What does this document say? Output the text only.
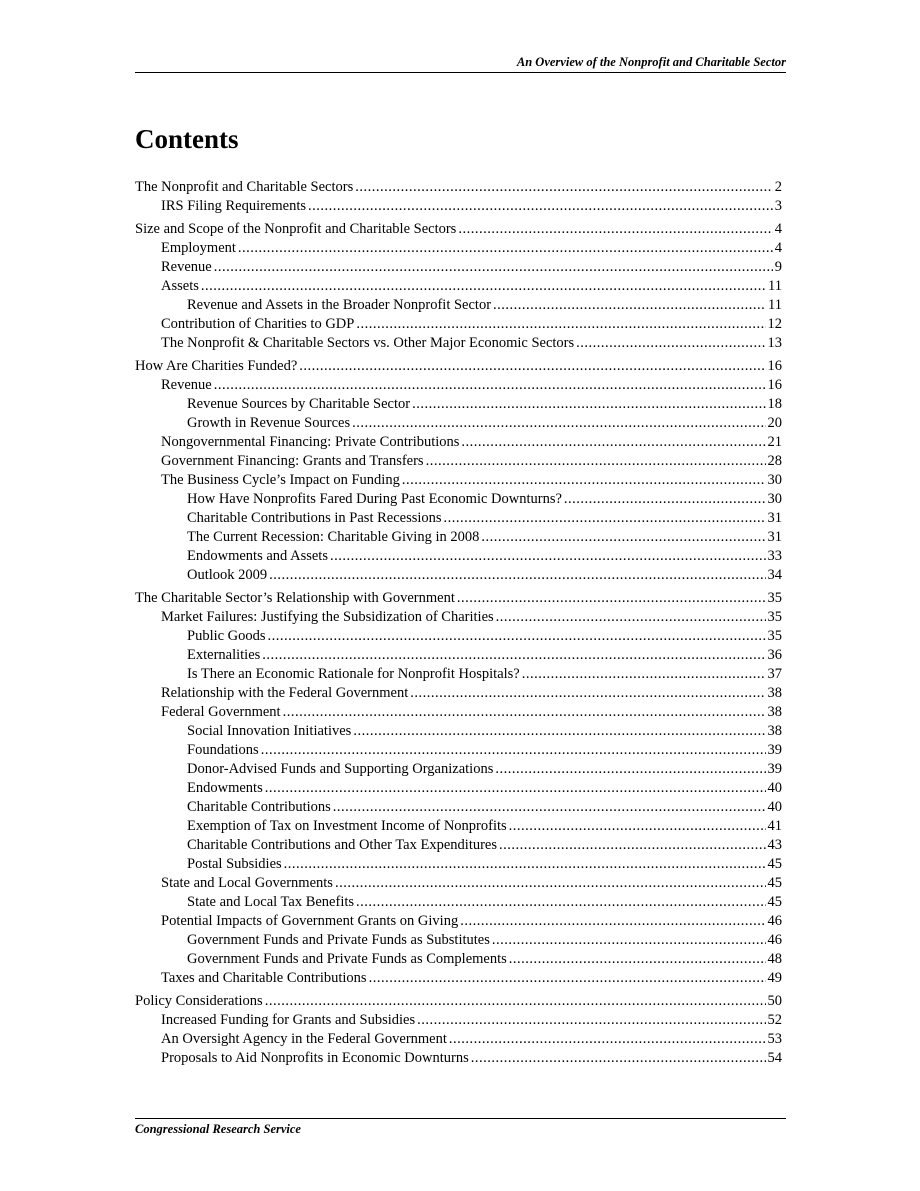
An Overview of the Nonprofit and Charitable Sector
Contents
The Nonprofit and Charitable Sectors .....	2
IRS Filing Requirements .....	3
Size and Scope of the Nonprofit and Charitable Sectors .....	4
Employment .....	4
Revenue .....	9
Assets .....	11
Revenue and Assets in the Broader Nonprofit Sector .....	11
Contribution of Charities to GDP .....	12
The Nonprofit & Charitable Sectors vs. Other Major Economic Sectors .....	13
How Are Charities Funded? .....	16
Revenue .....	16
Revenue Sources by Charitable Sector .....	18
Growth in Revenue Sources .....	20
Nongovernmental Financing: Private Contributions .....	21
Government Financing: Grants and Transfers .....	28
The Business Cycle’s Impact on Funding .....	30
How Have Nonprofits Fared During Past Economic Downturns? .....	30
Charitable Contributions in Past Recessions .....	31
The Current Recession: Charitable Giving in 2008 .....	31
Endowments and Assets .....	33
Outlook 2009 .....	34
The Charitable Sector’s Relationship with Government .....	35
Market Failures: Justifying the Subsidization of Charities .....	35
Public Goods .....	35
Externalities .....	36
Is There an Economic Rationale for Nonprofit Hospitals? .....	37
Relationship with the Federal Government .....	38
Federal Government .....	38
Social Innovation Initiatives .....	38
Foundations .....	39
Donor-Advised Funds and Supporting Organizations .....	39
Endowments .....	40
Charitable Contributions .....	40
Exemption of Tax on Investment Income of Nonprofits .....	41
Charitable Contributions and Other Tax Expenditures .....	43
Postal Subsidies .....	45
State and Local Governments .....	45
State and Local Tax Benefits .....	45
Potential Impacts of Government Grants on Giving .....	46
Government Funds and Private Funds as Substitutes .....	46
Government Funds and Private Funds as Complements .....	48
Taxes and Charitable Contributions .....	49
Policy Considerations .....	50
Increased Funding for Grants and Subsidies .....	52
An Oversight Agency in the Federal Government .....	53
Proposals to Aid Nonprofits in Economic Downturns .....	54
Congressional Research Service
